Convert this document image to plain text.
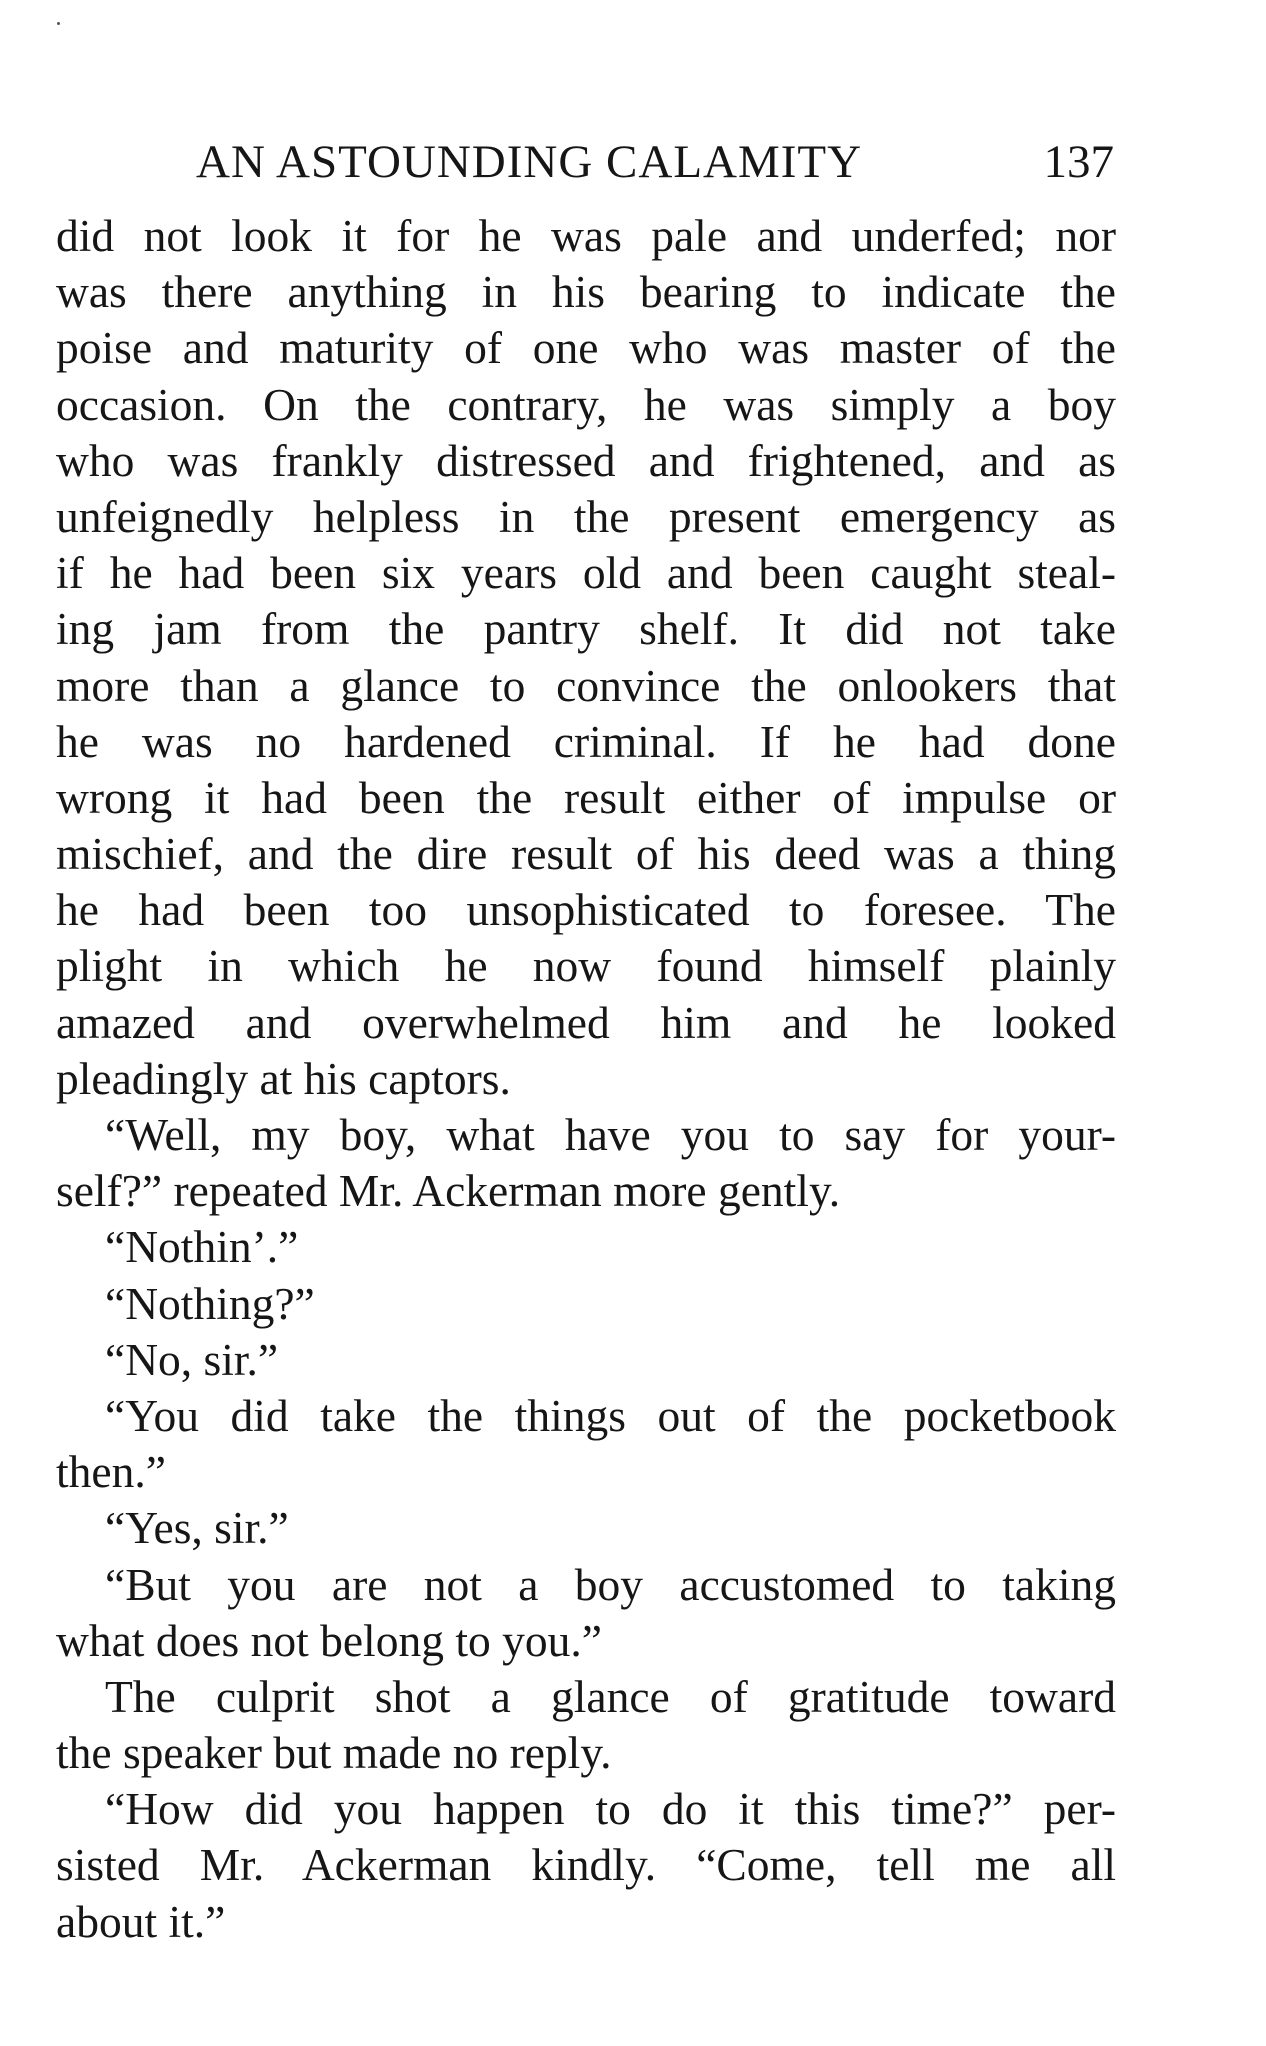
AN ASTOUNDING CALAMITY	137
did not look it for he was pale and underfed; nor
was there anything in his bearing to indicate the
poise and maturity of one who was master of the
occasion. On the contrary, he was simply a boy
who was frankly distressed and frightened, and as
unfeignedly helpless in the present emergency as
if he had been six years old and been caught steal-
ing jam from the pantry shelf. It did not take
more than a glance to convince the onlookers that
he was no hardened criminal. If he had done
wrong it had been the result either of impulse or
mischief, and the dire result of his deed was a thing
he had been too unsophisticated to foresee. The
plight in which he now found himself plainly
amazed and overwhelmed him and he looked
pleadingly at his captors.
“Well, my boy, what have you to say for your-
self?” repeated Mr. Ackerman more gently.
“Nothin’.”
“Nothing?”
“No, sir.”
“You did take the things out of the pocketbook
then.”
“Yes, sir.”
“But you are not a boy accustomed to taking
what does not belong to you.”
The culprit shot a glance of gratitude toward
the speaker but made no reply.
“How did you happen to do it this time?” per-
sisted Mr. Ackerman kindly. “Come, tell me all
about it.”
